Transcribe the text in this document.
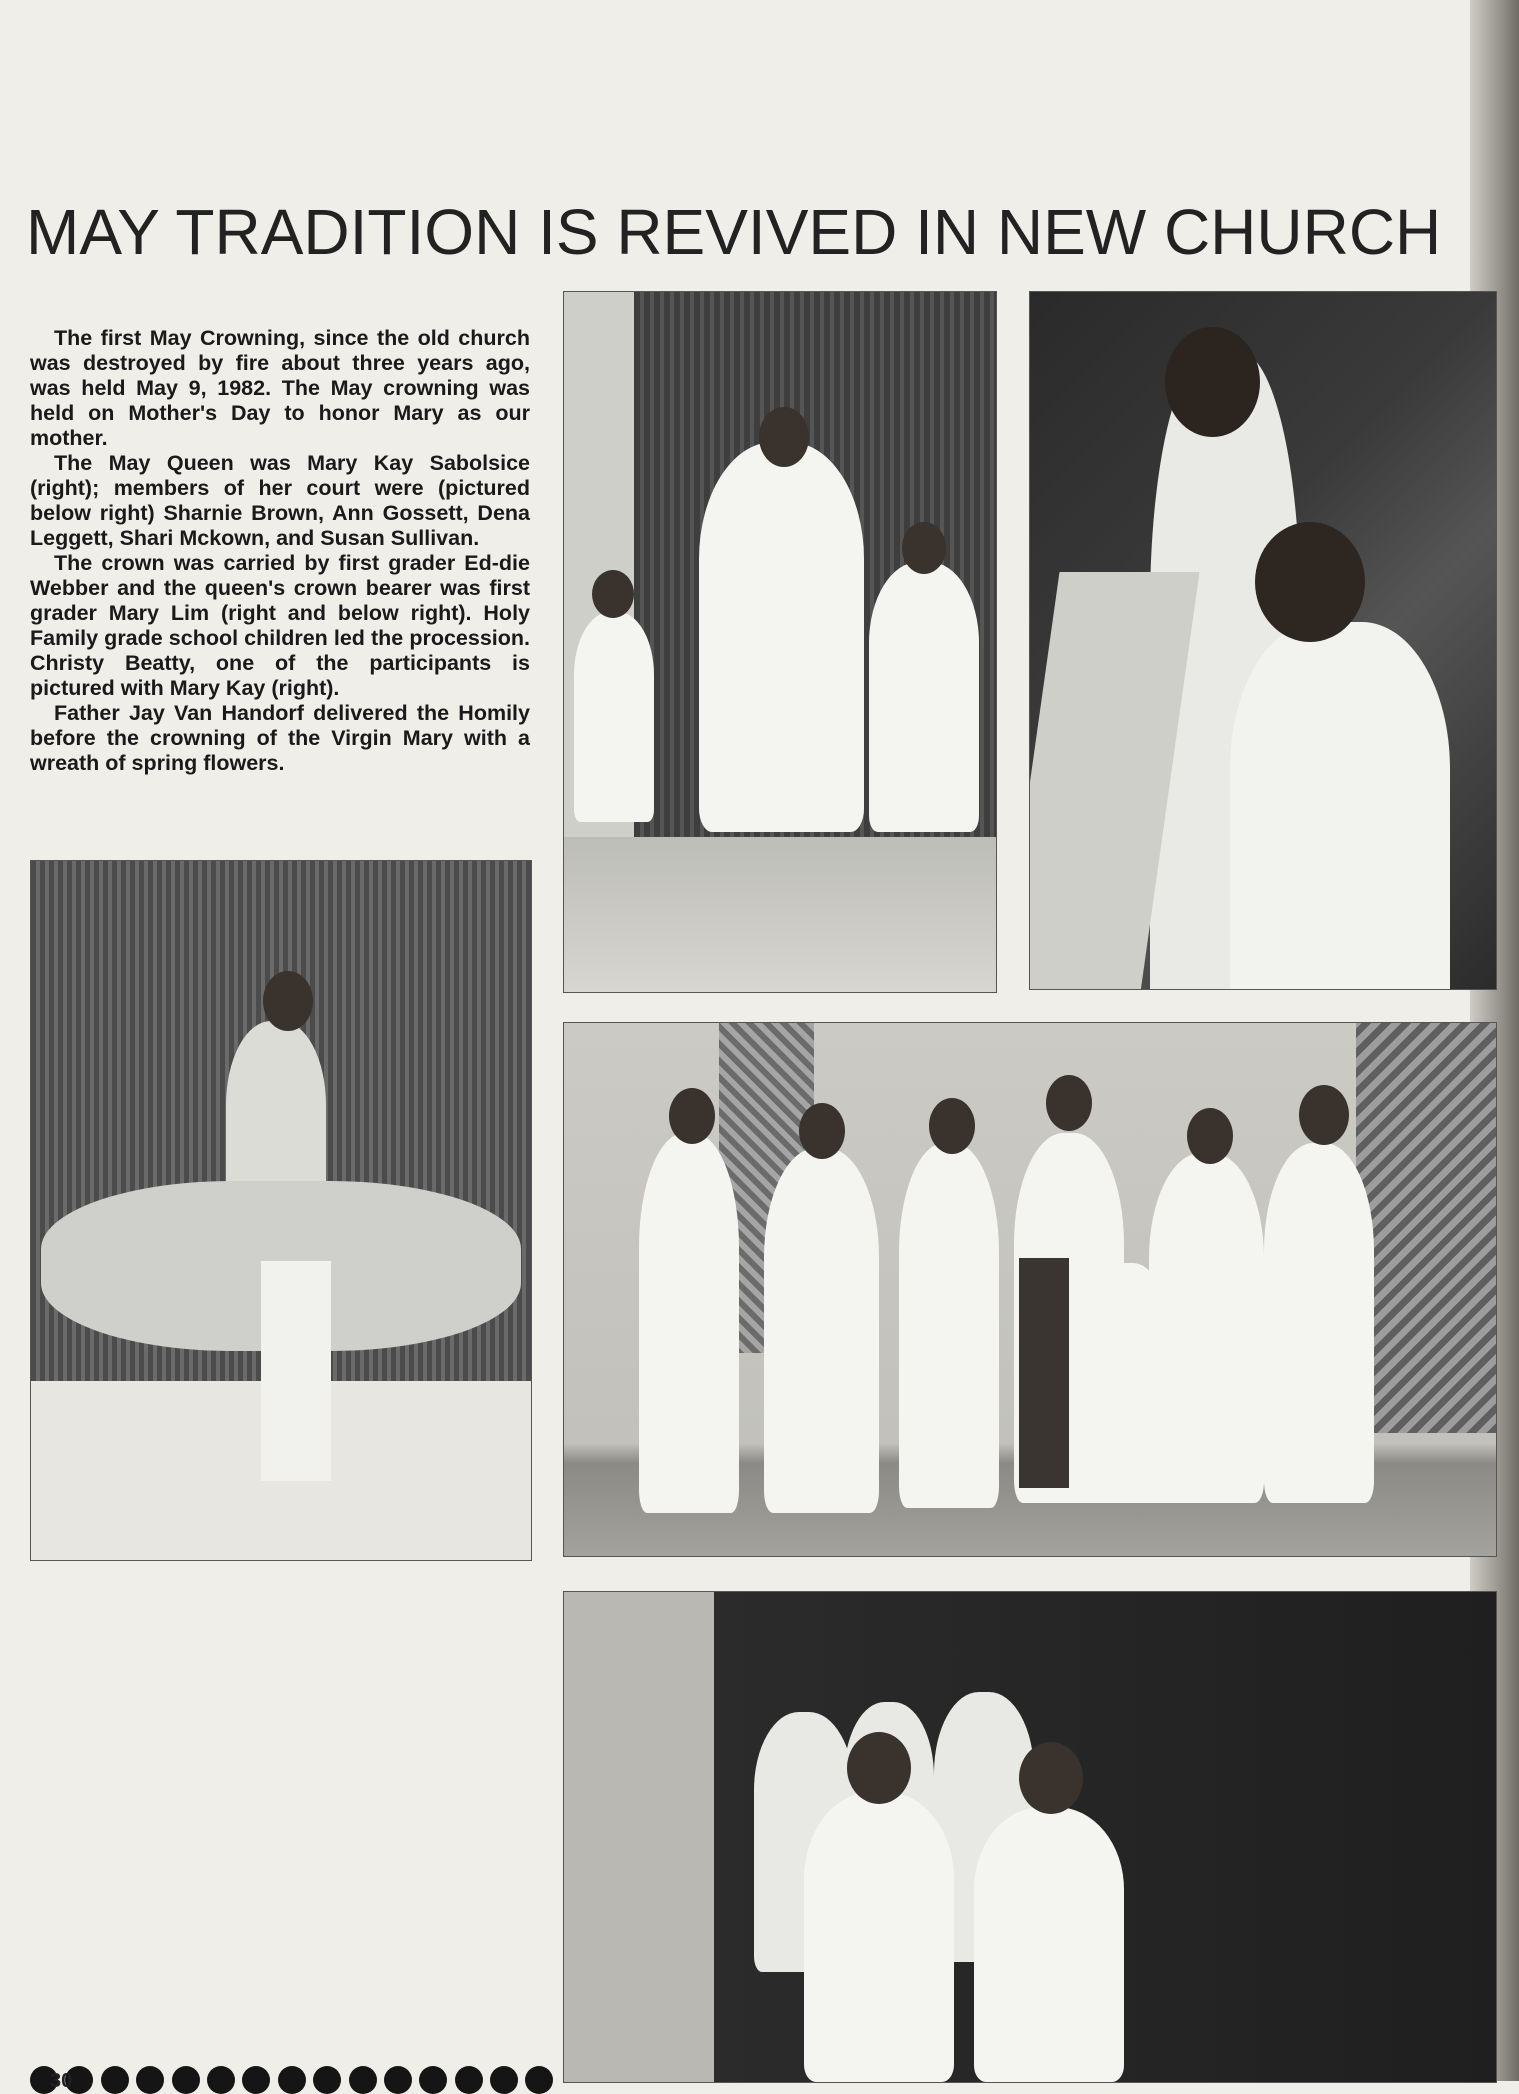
MAY TRADITION IS REVIVED IN NEW CHURCH

The first May Crowning, since the old church was destroyed by fire about three years ago, was held May 9, 1982. The May crowning was held on Mother's Day to honor Mary as our mother.

The May Queen was Mary Kay Sabolsice (right); members of her court were (pictured below right) Sharnie Brown, Ann Gossett, Dena Leggett, Shari Mckown, and Susan Sullivan.

The crown was carried by first grader Ed-die Webber and the queen's crown bearer was first grader Mary Lim (right and below right). Holy Family grade school children led the procession. Christy Beatty, one of the participants is pictured with Mary Kay (right).

Father Jay Van Handorf delivered the Homily before the crowning of the Virgin Mary with a wreath of spring flowers.

30
